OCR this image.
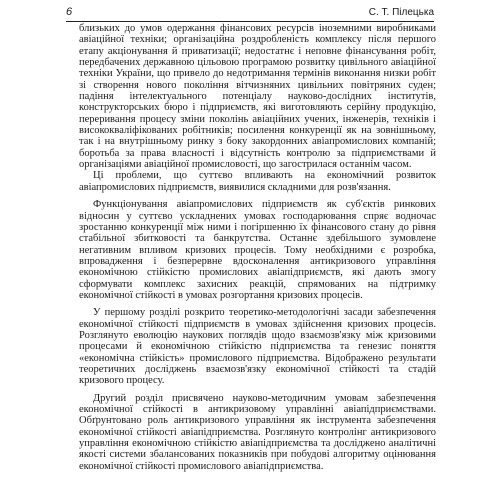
6	С. Т. Пілецька

близьких до умов одержання фінансових ресурсів іноземними виробниками авіаційної техніки; організаційна роздробленість комплексу після першого етапу акціонування й приватизації; недостатнє і неповне фінансування робіт, передбачених державною цільовою програмою розвитку цивільного авіаційної техніки України, що привело до недотримання термінів виконання низки робіт зі створення нового покоління вітчизняних цивільних повітряних суден; падіння інтелектуального потенціалу науково-дослідних інститутів, конструкторських бюро і підприємств, які виготовляють серійну продукцію, переривання процесу зміни поколінь авіаційних учених, інженерів, техніків і висококваліфікованих робітників; посилення конкуренції як на зовнішньому, так і на внутрішньому ринку з боку закордонних авіапромислових компаній; боротьба за права власності і відсутність контролю за підприємствами й організаціями авіаційної промисловості, що загострилася останнім часом.

Ці проблеми, що суттєво впливають на економічний розвиток авіапромислових підприємств, виявилися складними для розв'язання.

Функціонування авіапромислових підприємств як суб'єктів ринкових відносин у суттєво ускладнених умовах господарювання спряє водночас зростанню конкуренції між ними і погіршенню їх фінансового стану до рівня стабільної збитковості та банкрутства. Останнє здебільшого зумовлене негативним впливом кризових процесів. Тому необхідними є розробка, впровадження і безперервне вдосконалення антикризового управління економічною стійкістю промислових авіапідприємств, які дають змогу сформувати комплекс захисних реакцій, спрямованих на підтримку економічної стійкості в умовах розгортання кризових процесів.

У першому розділі розкрито теоретико-методологічні засади забезпечення економічної стійкості підприємств в умовах здійснення кризових процесів. Розглянуто еволюцію наукових поглядів щодо взаємозв'язку між кризовими процесами й економічною стійкістю підприємства та генезис поняття «економічна стійкість» промислового підприємства. Відображено результати теоретичних досліджень взаємозв'язку економічної стійкості та стадій кризового процесу.

Другий розділ присвячено науково-методичним умовам забезпечення економічної стійкості в антикризовому управлінні авіапідприємствами. Обґрунтовано роль антикризового управління як інструмента забезпечення економічної стійкості авіапідприємства. Розглянуто контролінг антикризового управління економічною стійкістю авіапідприємства та досліджено аналітичні якості системи збалансованих показників при побудові алгоритму оцінювання економічної стійкості промислового авіапідприємства.
